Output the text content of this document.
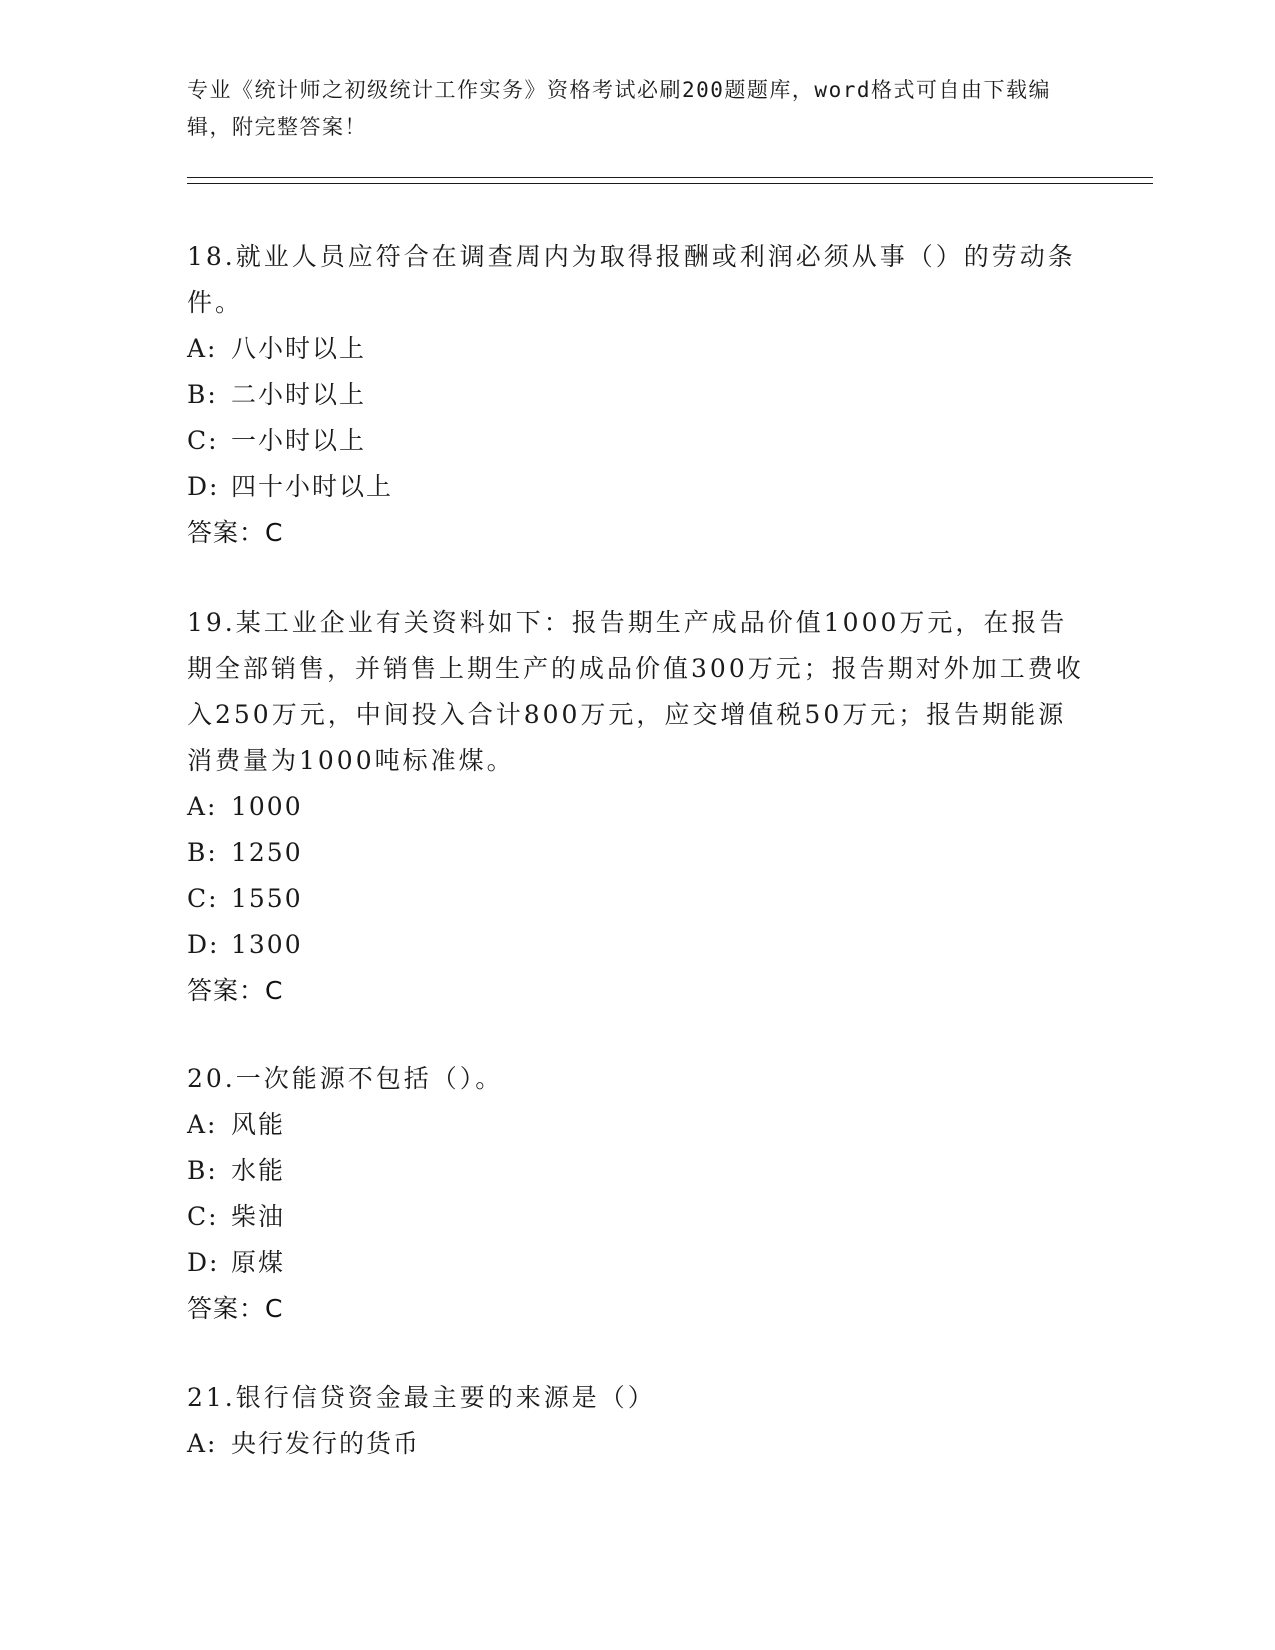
专业《统计师之初级统计工作实务》资格考试必刷200题题库，word格式可自由下载编辑，附完整答案！
18.就业人员应符合在调查周内为取得报酬或利润必须从事（）的劳动条件。
A: 八小时以上
B: 二小时以上
C: 一小时以上
D: 四十小时以上
答案：C
19.某工业企业有关资料如下：报告期生产成品价值1000万元，在报告期全部销售，并销售上期生产的成品价值300万元；报告期对外加工费收入250万元，中间投入合计800万元，应交增值税50万元；报告期能源消费量为1000吨标准煤。
A: 1000
B: 1250
C: 1550
D: 1300
答案：C
20.一次能源不包括（）。
A: 风能
B: 水能
C: 柴油
D: 原煤
答案：C
21.银行信贷资金最主要的来源是（）
A: 央行发行的货币
